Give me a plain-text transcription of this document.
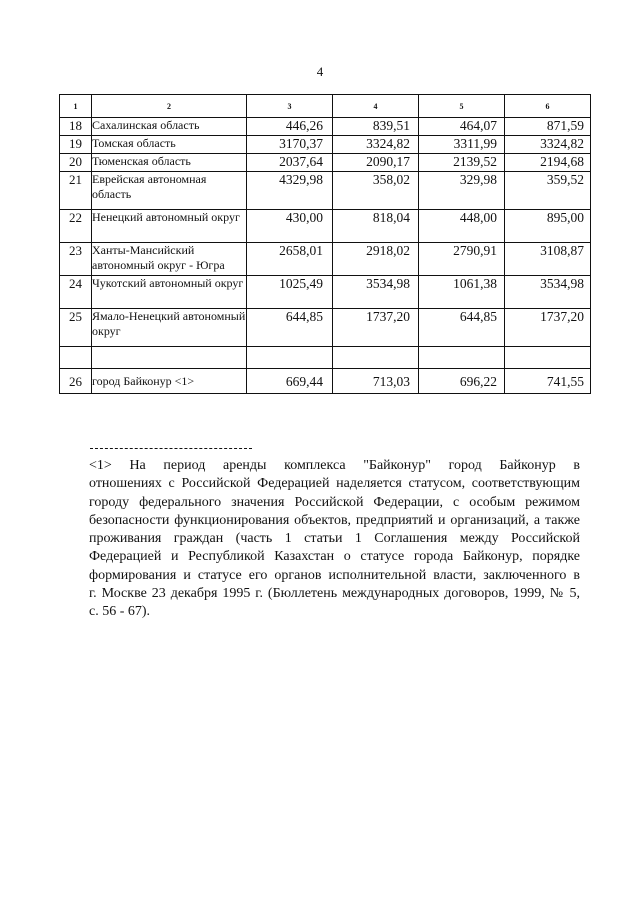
4
1	2	3	4	5	6
18	Сахалинская область	446,26	839,51	464,07	871,59
19	Томская область	3170,37	3324,82	3311,99	3324,82
20	Тюменская область	2037,64	2090,17	2139,52	2194,68
21	Еврейская автономная область	4329,98	358,02	329,98	359,52
22	Ненецкий автономный округ	430,00	818,04	448,00	895,00
23	Ханты-Мансийский автономный округ - Югра	2658,01	2918,02	2790,91	3108,87
24	Чукотский автономный округ	1025,49	3534,98	1061,38	3534,98
25	Ямало-Ненецкий автономный округ	644,85	1737,20	644,85	1737,20

26	город Байконур <1>	669,44	713,03	696,22	741,55

<1> На период аренды комплекса "Байконур" город Байконур в
отношениях с Российской Федерацией наделяется статусом, соответствующим
городу федерального значения Российской Федерации, с особым режимом
безопасности функционирования объектов, предприятий и организаций, а также
проживания граждан (часть 1 статьи 1 Соглашения между Российской
Федерацией и Республикой Казахстан о статусе города Байконур, порядке
формирования и статусе его органов исполнительной власти, заключенного в
г. Москве 23 декабря 1995 г. (Бюллетень международных договоров, 1999, № 5,
с. 56 - 67).
